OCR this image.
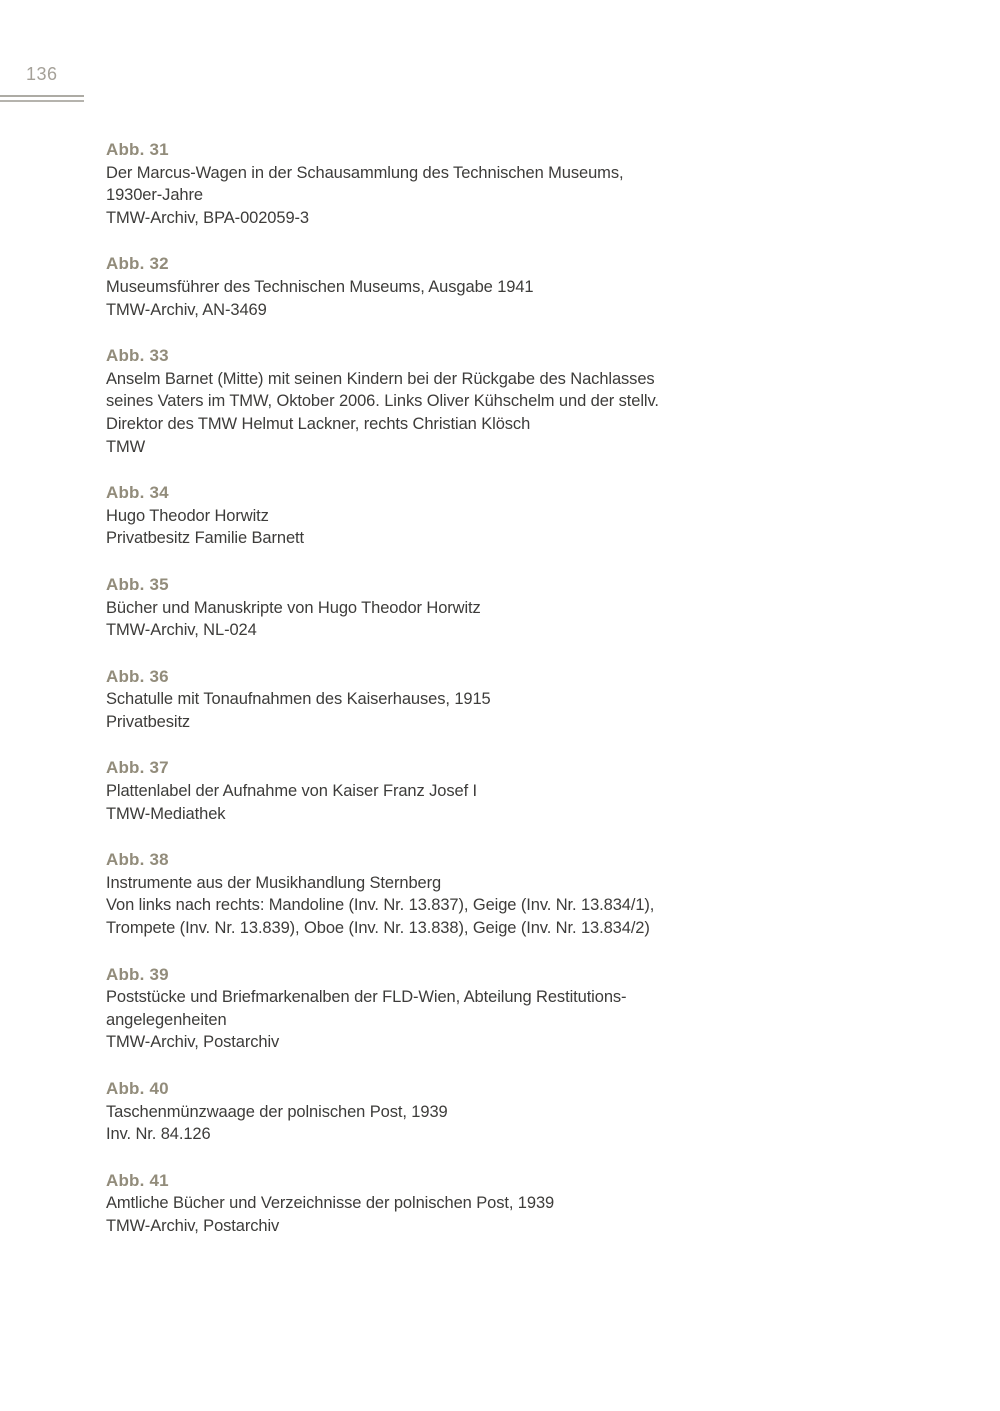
136
Abb. 31
Der Marcus-Wagen in der Schausammlung des Technischen Museums,
1930er-Jahre
TMW-Archiv, BPA-002059-3
Abb. 32
Museumsführer des Technischen Museums, Ausgabe 1941
TMW-Archiv, AN-3469
Abb. 33
Anselm Barnet (Mitte) mit seinen Kindern bei der Rückgabe des Nachlasses
seines Vaters im TMW, Oktober 2006. Links Oliver Kühschelm und der stellv.
Direktor des TMW Helmut Lackner, rechts Christian Klösch
TMW
Abb. 34
Hugo Theodor Horwitz
Privatbesitz Familie Barnett
Abb. 35
Bücher und Manuskripte von Hugo Theodor Horwitz
TMW-Archiv, NL-024
Abb. 36
Schatulle mit Tonaufnahmen des Kaiserhauses, 1915
Privatbesitz
Abb. 37
Plattenlabel der Aufnahme von Kaiser Franz Josef I
TMW-Mediathek
Abb. 38
Instrumente aus der Musikhandlung Sternberg
Von links nach rechts: Mandoline (Inv. Nr. 13.837), Geige (Inv. Nr. 13.834/1),
Trompete (Inv. Nr. 13.839), Oboe (Inv. Nr. 13.838), Geige (Inv. Nr. 13.834/2)
Abb. 39
Poststücke und Briefmarkenalben der FLD-Wien, Abteilung Restitutions-
angelegenheiten
TMW-Archiv, Postarchiv
Abb. 40
Taschenmünzwaage der polnischen Post, 1939
Inv. Nr. 84.126
Abb. 41
Amtliche Bücher und Verzeichnisse der polnischen Post, 1939
TMW-Archiv, Postarchiv
